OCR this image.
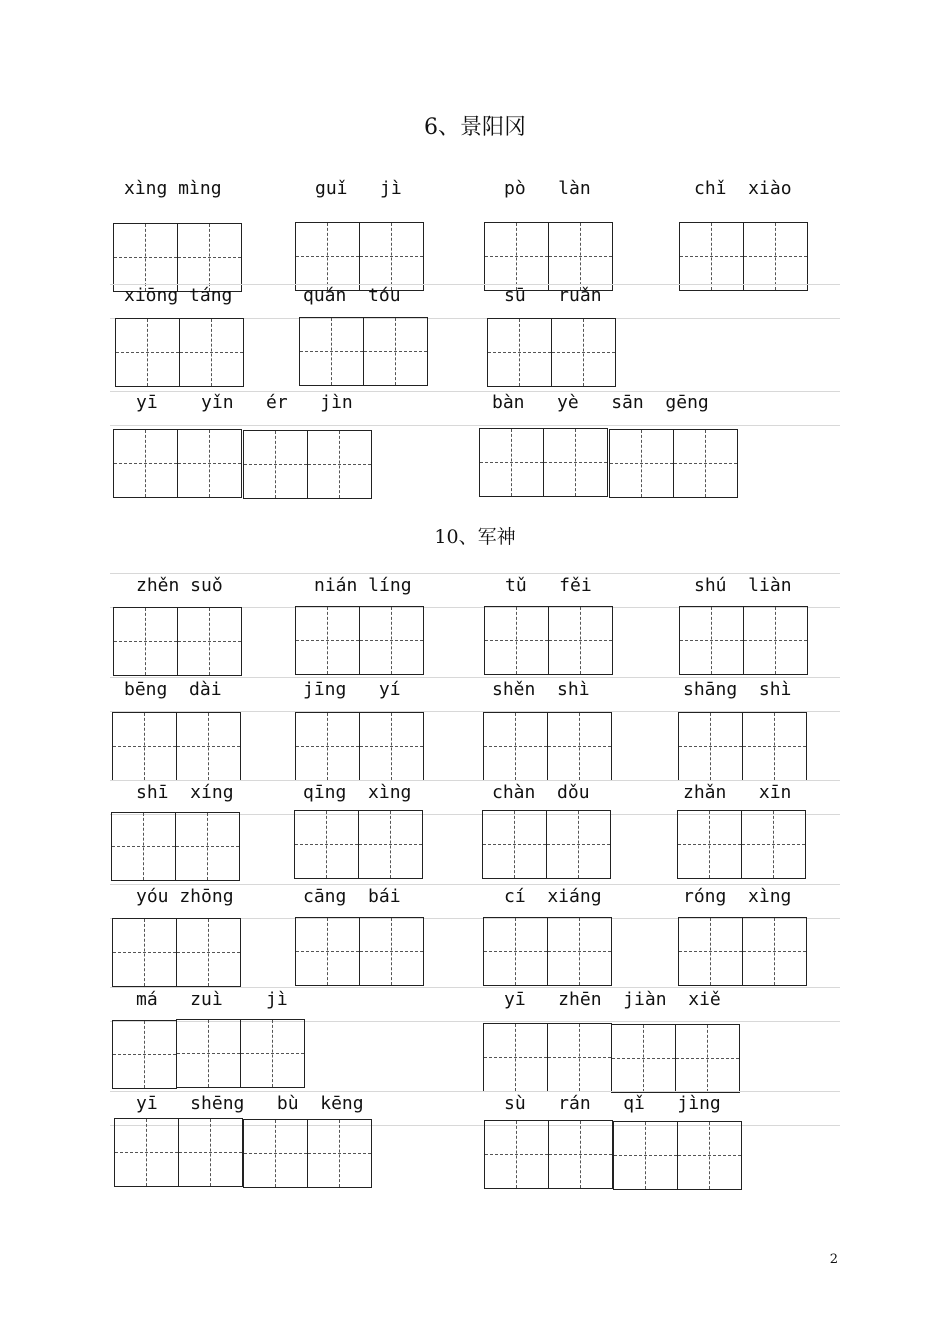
6、景阳冈
xìng mìng	guǐ   jì	pò   làn	chǐ  xiào
xiōng táng	quán  tóu	sū   ruǎn
yī    yǐn   ér   jìn	bàn   yè   sān  gēng
10、军神
zhěn suǒ	nián líng	tǔ   fěi	shú  liàn
bēng  dài	jīng   yí	shěn  shì	shāng  shì
shī  xíng	qīng  xìng	chàn  dǒu	zhǎn   xīn
yóu zhōng	cāng  bái	cí  xiáng	róng  xìng
má   zuì    jì	yī   zhēn  jiàn  xiě
yī   shēng   bù  kēng	sù   rán   qǐ   jìng
2
